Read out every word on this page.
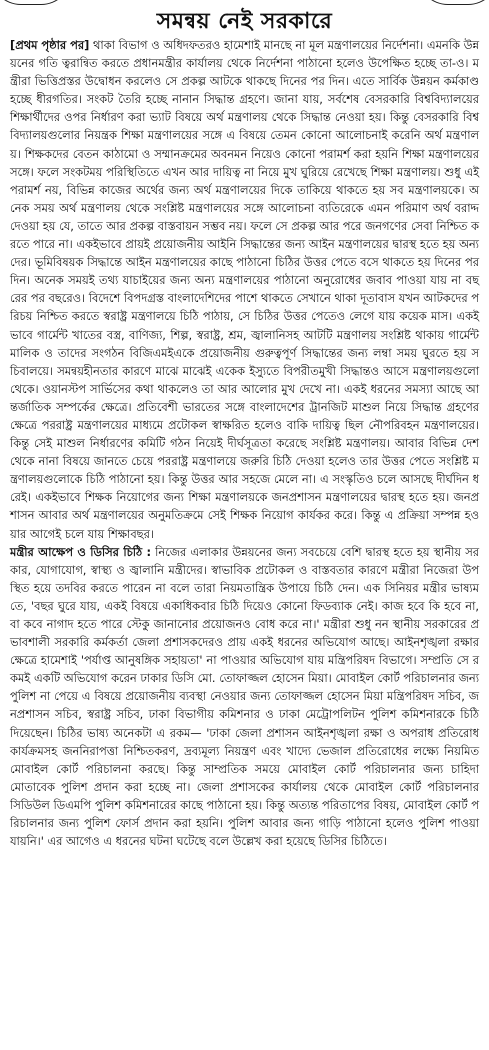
সমন্বয় নেই সরকারে

[প্রথম পৃষ্ঠার পর] থাকা বিভাগ ও অধিদফতরও হামেশাই মানছে না মূল মন্ত্রণালয়ের নির্দেশনা। এমনকি উন্নয়নের গতি ত্বরান্বিত করতে প্রধানমন্ত্রীর কার্যালয় থেকে নির্দেশনা পাঠানো হলেও উপেক্ষিত হচ্ছে তা-ও। মন্ত্রীরা ভিত্তিপ্রস্তর উদ্বোধন করলেও সে প্রকল্প আটকে থাকছে দিনের পর দিন। এতে সার্বিক উন্নয়ন কর্মকাণ্ড হচ্ছে ধীরগতির। সংকট তৈরি হচ্ছে নানান সিদ্ধান্ত গ্রহণে। জানা যায়, সর্বশেষ বেসরকারি বিশ্ববিদ্যালয়ের শিক্ষার্থীদের ওপর নির্ধারণ করা ভ্যাট বিষয়ে অর্থ মন্ত্রণালয় থেকে সিদ্ধান্ত নেওয়া হয়। কিন্তু বেসরকারি বিশ্ববিদ্যালয়গুলোর নিয়ন্ত্রক শিক্ষা মন্ত্রণালয়ের সঙ্গে এ বিষয়ে তেমন কোনো আলোচনাই করেনি অর্থ মন্ত্রণালয়। শিক্ষকদের বেতন কাঠামো ও সম্মানক্রমের অবনমন নিয়েও কোনো পরামর্শ করা হয়নি শিক্ষা মন্ত্রণালয়ের সঙ্গে। ফলে সংকটময় পরিস্থিতিতে এখন আর দায়িত্ব না নিয়ে মুখ ঘুরিয়ে রেখেছে শিক্ষা মন্ত্রণালয়। শুধু এই পরামর্শ নয়, বিভিন্ন কাজের অর্থের জন্য অর্থ মন্ত্রণালয়ের দিকে তাকিয়ে থাকতে হয় সব মন্ত্রণালয়কে। অনেক সময় অর্থ মন্ত্রণালয় থেকে সংশ্লিষ্ট মন্ত্রণালয়ের সঙ্গে আলোচনা ব্যতিরেকে এমন পরিমাণ অর্থ বরাদ্দ দেওয়া হয় যে, তাতে আর প্রকল্প বাস্তবায়ন সম্ভব নয়। ফলে সে প্রকল্প আর পরে জনগণের সেবা নিশ্চিত করতে পারে না। একইভাবে প্রায়ই প্রয়োজনীয় আইনি সিদ্ধান্তের জন্য আইন মন্ত্রণালয়ের দ্বারস্থ হতে হয় অন্যদের। ভূমিবিষয়ক সিদ্ধান্তে আইন মন্ত্রণালয়ের কাছে পাঠানো চিঠির উত্তর পেতে বসে থাকতে হয় দিনের পর দিন। অনেক সময়ই তথ্য যাচাইয়ের জন্য অন্য মন্ত্রণালয়ের পাঠানো অনুরোধের জবাব পাওয়া যায় না বছরের পর বছরেও। বিদেশে বিপদগ্রস্ত বাংলাদেশিদের পাশে থাকতে সেখানে থাকা দূতাবাস যখন আটকদের পরিচয় নিশ্চিত করতে স্বরাষ্ট্র মন্ত্রণালয়ে চিঠি পাঠায়, সে চিঠির উত্তর পেতেও লেগে যায় কয়েক মাস। একই ভাবে গার্মেন্ট খাতের বস্ত্র, বাণিজ্য, শিল্প, স্বরাষ্ট্র, শ্রম, জ্বালানিসহ আটটি মন্ত্রণালয় সংশ্লিষ্ট থাকায় গার্মেন্ট মালিক ও তাদের সংগঠন বিজিএমইএকে প্রয়োজনীয় গুরুত্বপূর্ণ সিদ্ধান্তের জন্য লম্বা সময় ঘুরতে হয় সচিবালয়ে। সমন্বয়হীনতার কারণে মাঝে মাঝেই একেক ইস্যুতে বিপরীতমুখী সিদ্ধান্তও আসে মন্ত্রণালয়গুলো থেকে। ওয়ানস্টপ সার্ভিসের কথা থাকলেও তা আর আলোর মুখ দেখে না। একই ধরনের সমস্যা আছে আন্তর্জাতিক সম্পর্কের ক্ষেত্রে। প্রতিবেশী ভারতের সঙ্গে বাংলাদেশের ট্রানজিট মাশুল নিয়ে সিদ্ধান্ত গ্রহণের ক্ষেত্রে পররাষ্ট্র মন্ত্রণালয়ের মাধ্যমে প্রটোকল স্বাক্ষরিত হলেও বাকি দায়িত্ব ছিল নৌপরিবহন মন্ত্রণালয়ের। কিন্তু সেই মাশুল নির্ধারণের কমিটি গঠন নিয়েই দীর্ঘসূত্রতা করেছে সংশ্লিষ্ট মন্ত্রণালয়। আবার বিভিন্ন দেশ থেকে নানা বিষয়ে জানতে চেয়ে পররাষ্ট্র মন্ত্রণালয়ে জরুরি চিঠি দেওয়া হলেও তার উত্তর পেতে সংশ্লিষ্ট মন্ত্রণালয়গুলোকে চিঠি পাঠানো হয়। কিন্তু উত্তর আর সহজে মেলে না। এ সংস্কৃতিও চলে আসছে দীর্ঘদিন ধরেই। একইভাবে শিক্ষক নিয়োগের জন্য শিক্ষা মন্ত্রণালয়কে জনপ্রশাসন মন্ত্রণালয়ের দ্বারস্থ হতে হয়। জনপ্রশাসন আবার অর্থ মন্ত্রণালয়ের অনুমতিক্রমে সেই শিক্ষক নিয়োগ কার্যকর করে। কিন্তু এ প্রক্রিয়া সম্পন্ন হওয়ার আগেই চলে যায় শিক্ষাবছর।

মন্ত্রীর আক্ষেপ ও ডিসির চিঠি : নিজের এলাকার উন্নয়নের জন্য সবচেয়ে বেশি দ্বারস্থ হতে হয় স্থানীয় সরকার, যোগাযোগ, স্বাস্থ্য ও জ্বালানি মন্ত্রীদের। স্বাভাবিক প্রটোকল ও বাস্তবতার কারণে মন্ত্রীরা নিজেরা উপস্থিত হয়ে তদবির করতে পারেন না বলে তারা নিয়মতান্ত্রিক উপায়ে চিঠি দেন। এক সিনিয়র মন্ত্রীর ভাষ্যমতে, 'বছর ঘুরে যায়, একই বিষয়ে একাধিকবার চিঠি দিয়েও কোনো ফিডব্যাক নেই। কাজ হবে কি হবে না, বা কবে নাগাদ হতে পারে স্টেকু জানানোর প্রয়োজনও বোধ করে না।' মন্ত্রীরা শুধু নন স্থানীয় সরকারের প্রভাবশালী সরকারি কর্মকর্তা জেলা প্রশাসকদেরও প্রায় একই ধরনের অভিযোগ আছে। আইনশৃঙ্খলা রক্ষার ক্ষেত্রে হামেশাই 'পর্যাপ্ত আনুষঙ্গিক সহায়তা' না পাওয়ার অভিযোগ যায় মন্ত্রিপরিষদ বিভাগে। সম্প্রতি সে রকমই একটি অভিযোগ করেন ঢাকার ডিসি মো. তোফাজ্জল হোসেন মিয়া। মোবাইল কোর্ট পরিচালনার জন্য পুলিশ না পেয়ে এ বিষয়ে প্রয়োজনীয় ব্যবস্থা নেওয়ার জন্য তোফাজ্জল হোসেন মিয়া মন্ত্রিপরিষদ সচিব, জনপ্রশাসন সচিব, স্বরাষ্ট্র সচিব, ঢাকা বিভাগীয় কমিশনার ও ঢাকা মেট্রোপলিটন পুলিশ কমিশনারকে চিঠি দিয়েছেন। চিঠির ভাষ্য অনেকটা এ রকম— 'ঢাকা জেলা প্রশাসন আইনশৃঙ্খলা রক্ষা ও অপরাধ প্রতিরোধ কার্যক্রমসহ জননিরাপত্তা নিশ্চিতকরণ, দ্রব্যমূল্য নিয়ন্ত্রণ এবং খাদ্যে ভেজাল প্রতিরোধের লক্ষ্যে নিয়মিত মোবাইল কোর্ট পরিচালনা করছে। কিন্তু সাম্প্রতিক সময়ে মোবাইল কোর্ট পরিচালনার জন্য চাহিদা মোতাবেক পুলিশ প্রদান করা হচ্ছে না। জেলা প্রশাসকের কার্যালয় থেকে মোবাইল কোর্ট পরিচালনার সিডিউল ডিএমপি পুলিশ কমিশনারের কাছে পাঠানো হয়। কিন্তু অত্যন্ত পরিতাপের বিষয়, মোবাইল কোর্ট পরিচালনার জন্য পুলিশ ফোর্স প্রদান করা হয়নি। পুলিশ আবার জন্য গাড়ি পাঠানো হলেও পুলিশ পাওয়া যায়নি।' এর আগেও এ ধরনের ঘটনা ঘটেছে বলে উল্লেখ করা হয়েছে ডিসির চিঠিতে।
